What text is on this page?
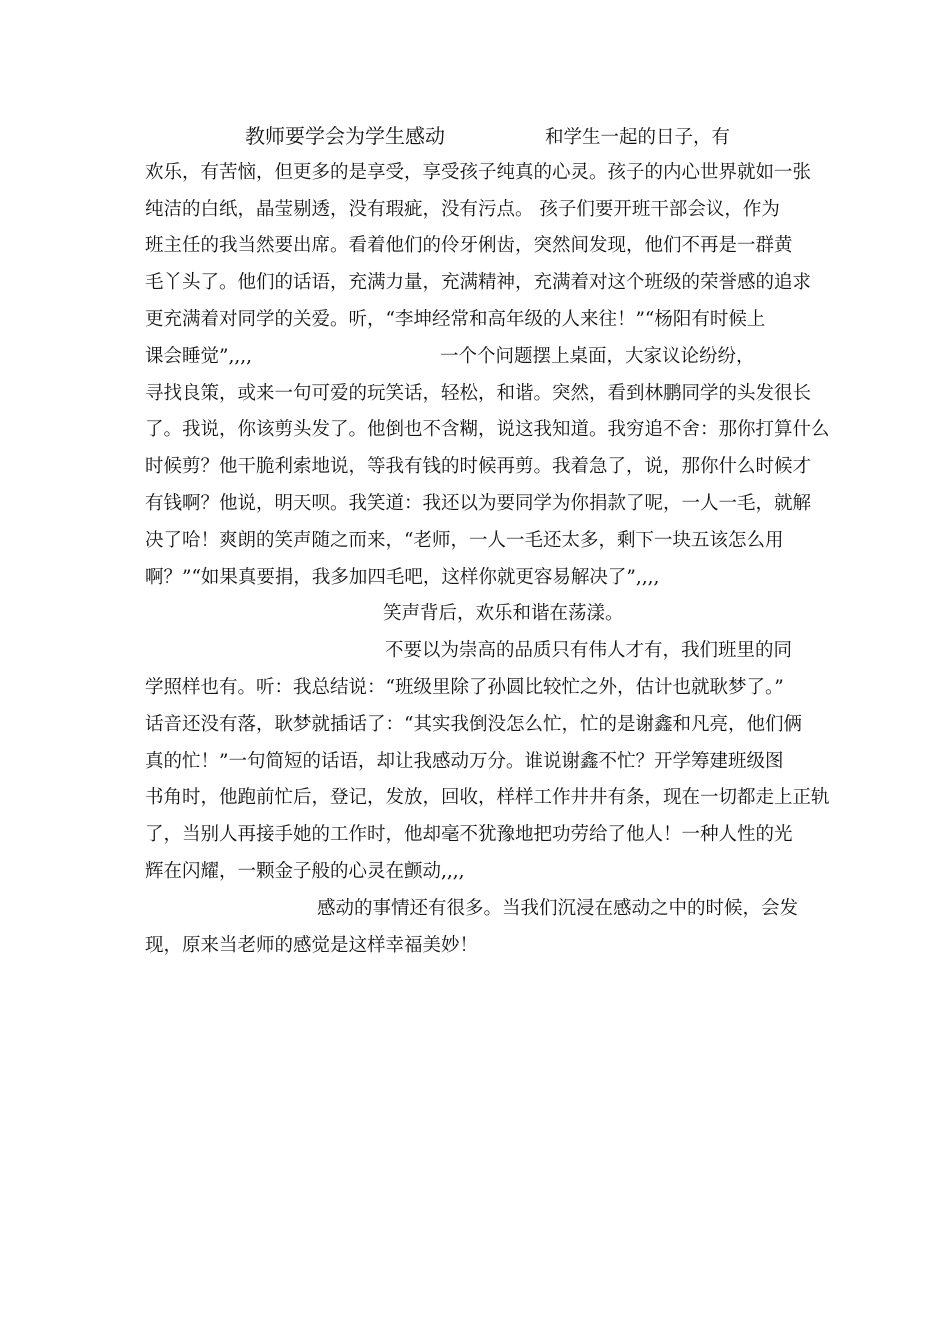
教师要学会为学生感动	和学生一起的日子，有
欢乐，有苦恼，但更多的是享受，享受孩子纯真的心灵。孩子的内心世界就如一张
纯洁的白纸，晶莹剔透，没有瑕疵，没有污点。 孩子们要开班干部会议，作为
班主任的我当然要出席。看着他们的伶牙俐齿，突然间发现，他们不再是一群黄
毛丫头了。他们的话语，充满力量，充满精神，充满着对这个班级的荣誉感的追求
更充满着对同学的关爱。听，“李坤经常和高年级的人来往！”“杨阳有时候上
课会睡觉”,,,,	一个个问题摆上桌面，大家议论纷纷，
寻找良策，或来一句可爱的玩笑话，轻松，和谐。突然，看到林鹏同学的头发很长
了。我说，你该剪头发了。他倒也不含糊，说这我知道。我穷追不舍：那你打算什么
时候剪？他干脆利索地说，等我有钱的时候再剪。我着急了，说，那你什么时候才
有钱啊？他说，明天呗。我笑道：我还以为要同学为你捐款了呢，一人一毛，就解
决了哈！爽朗的笑声随之而来，“老师，一人一毛还太多，剩下一块五该怎么用
啊？”“如果真要捐，我多加四毛吧，这样你就更容易解决了”,,,,
笑声背后，欢乐和谐在荡漾。
不要以为崇高的品质只有伟人才有，我们班里的同
学照样也有。听：我总结说：“班级里除了孙圆比较忙之外，估计也就耿梦了。”
话音还没有落，耿梦就插话了：“其实我倒没怎么忙，忙的是谢鑫和凡亮，他们俩
真的忙！”一句简短的话语，却让我感动万分。谁说谢鑫不忙？开学筹建班级图
书角时，他跑前忙后，登记，发放，回收，样样工作井井有条，现在一切都走上正轨
了，当别人再接手她的工作时，他却毫不犹豫地把功劳给了他人！一种人性的光
辉在闪耀，一颗金子般的心灵在颤动,,,,
感动的事情还有很多。当我们沉浸在感动之中的时候，会发
现，原来当老师的感觉是这样幸福美妙！
